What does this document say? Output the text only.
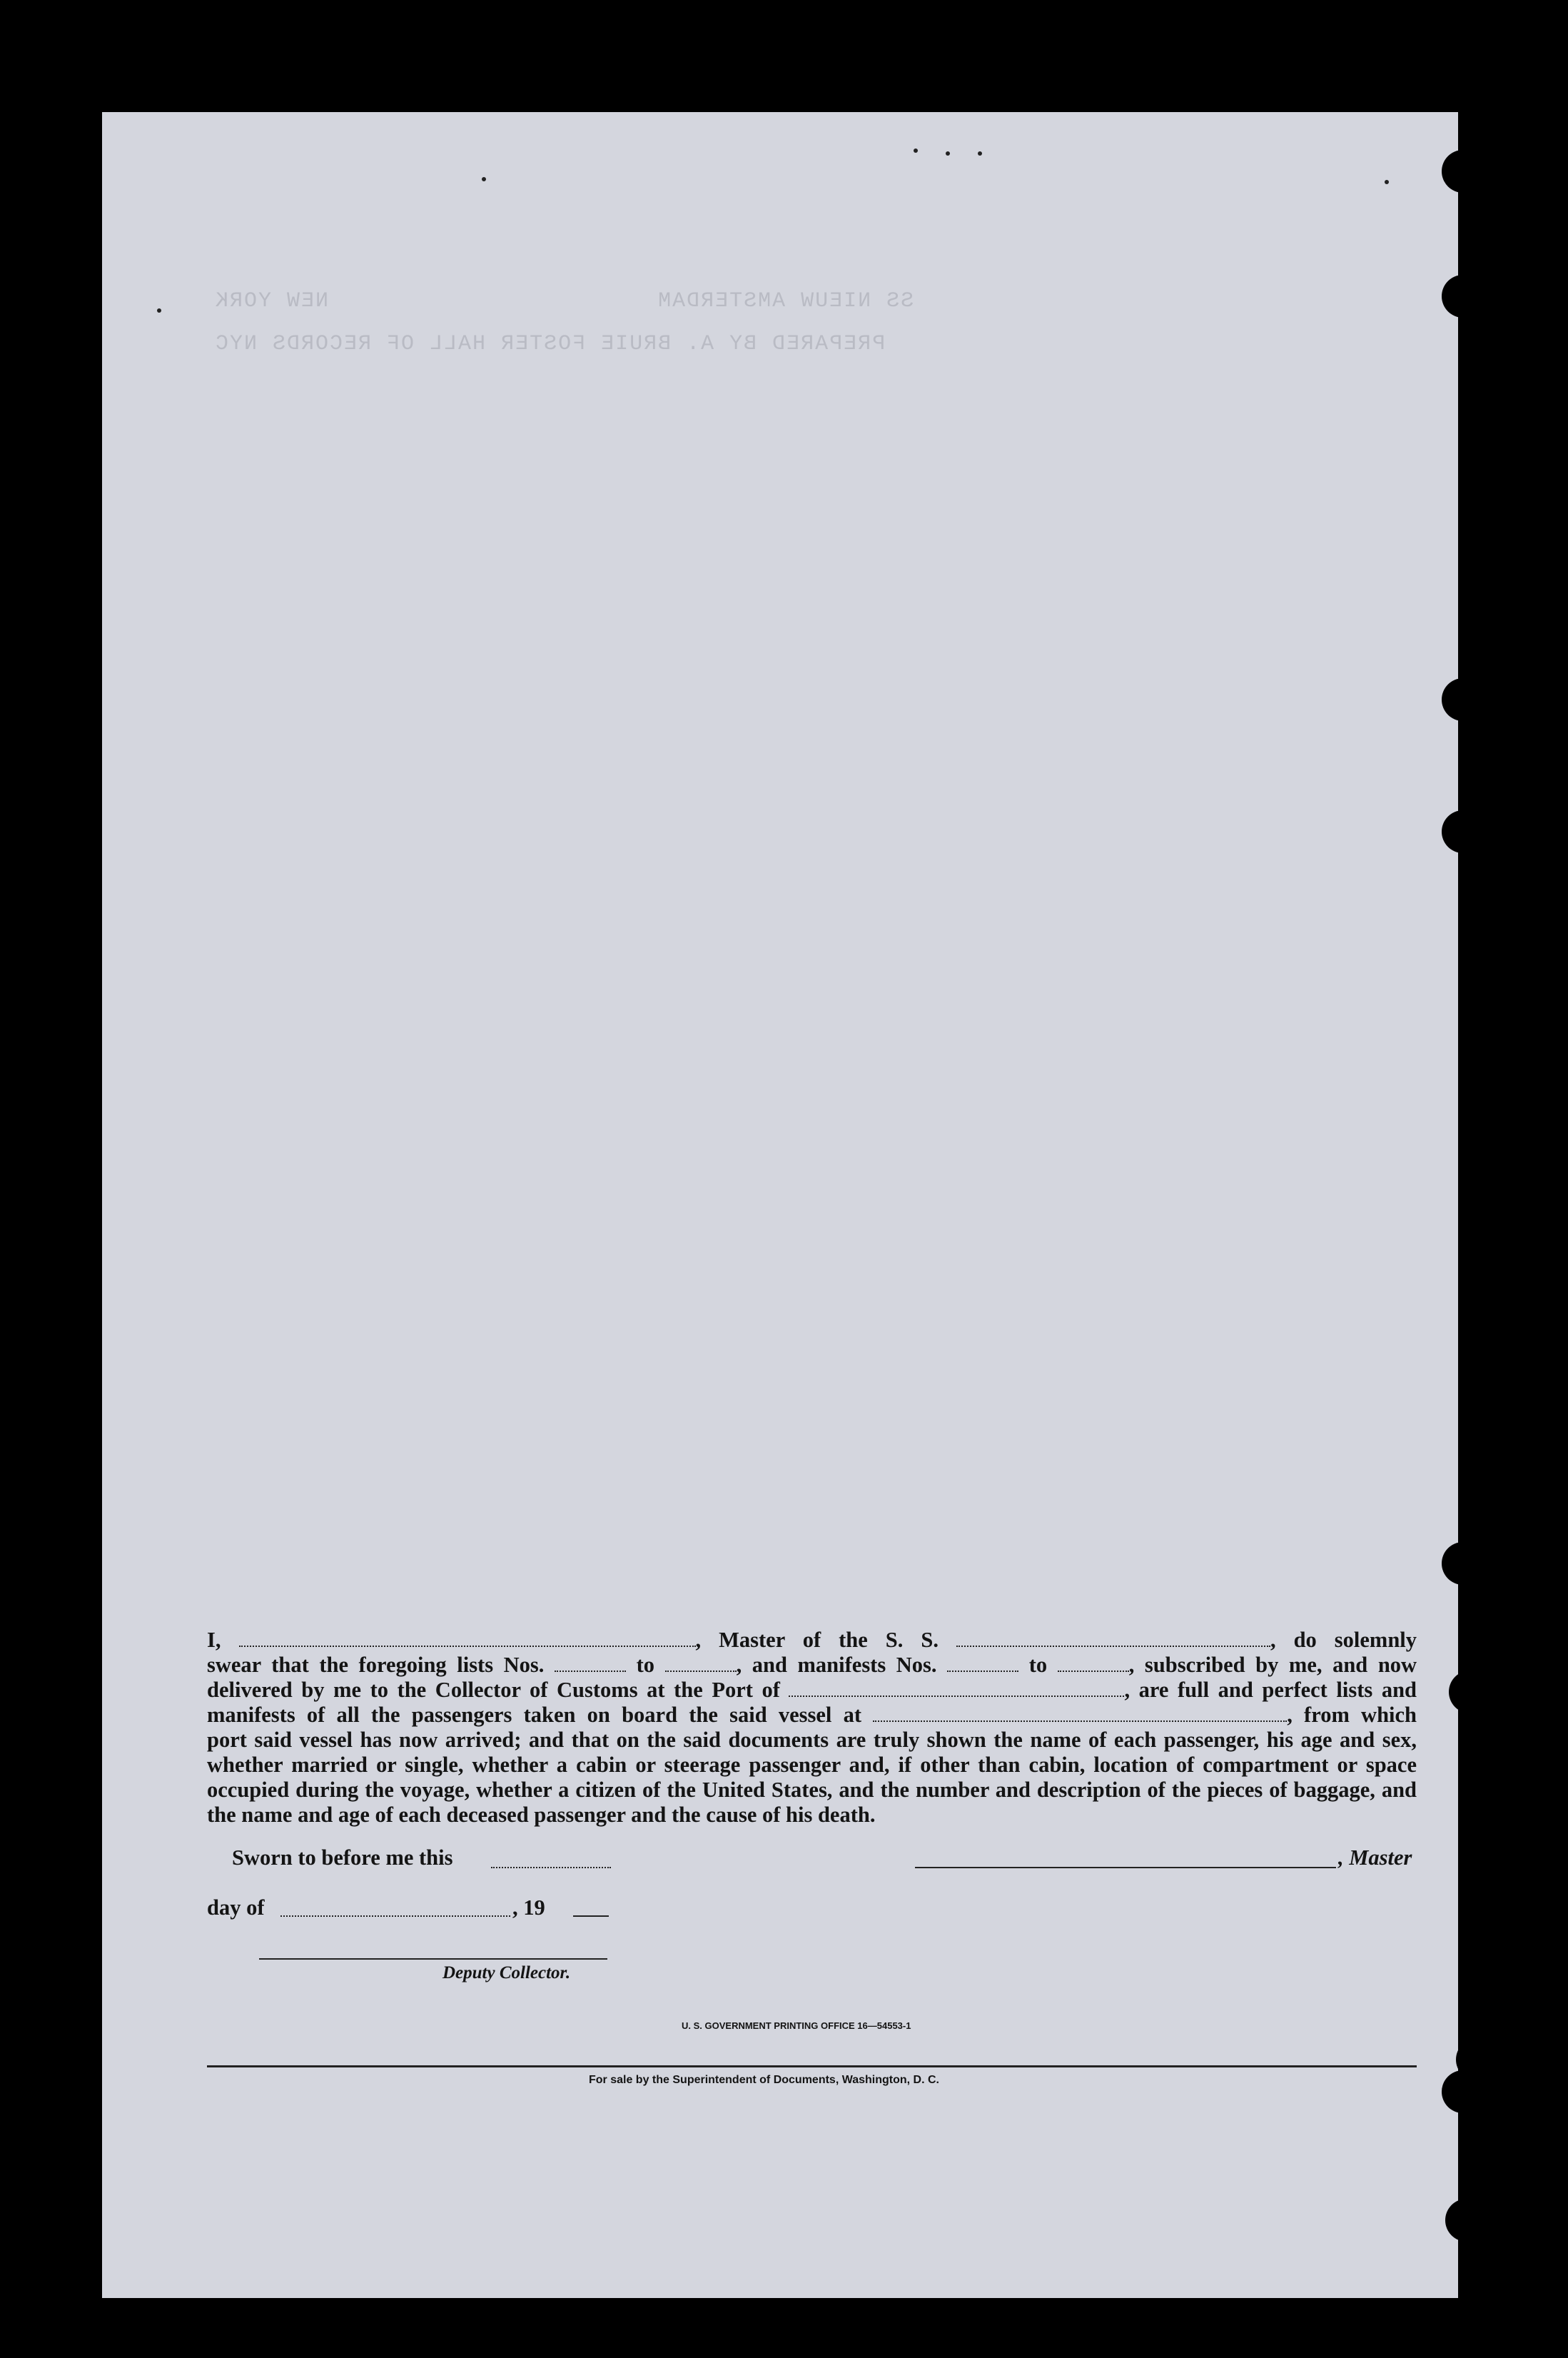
SS NIEUW AMSTERDAM                       NEW YORK
PREPARED BY A. BRUIE FOSTER HALL OF RECORDS NYC

I,	, Master of the S. S.	, do solemnly

swear that the foregoing lists Nos.	to	, and manifests Nos.	to	, subscribed by me, and now

delivered by me to the Collector of Customs at the Port of	, are full and perfect lists and

manifests of all the passengers taken on board the said vessel at	, from which

port said vessel has now arrived; and that on the said documents are truly shown the name of each passenger, his age and sex, whether married or single, whether a cabin or steerage passenger and, if other than cabin, location of compartment or space occupied during the voyage, whether a citizen of the United States, and the number and description of the pieces of baggage, and the name and age of each deceased passenger and the cause of his death.

Sworn to before me this	, Master
day of	, 19
Deputy Collector.
U. S. GOVERNMENT PRINTING OFFICE 16—54553-1
For sale by the Superintendent of Documents, Washington, D. C.
